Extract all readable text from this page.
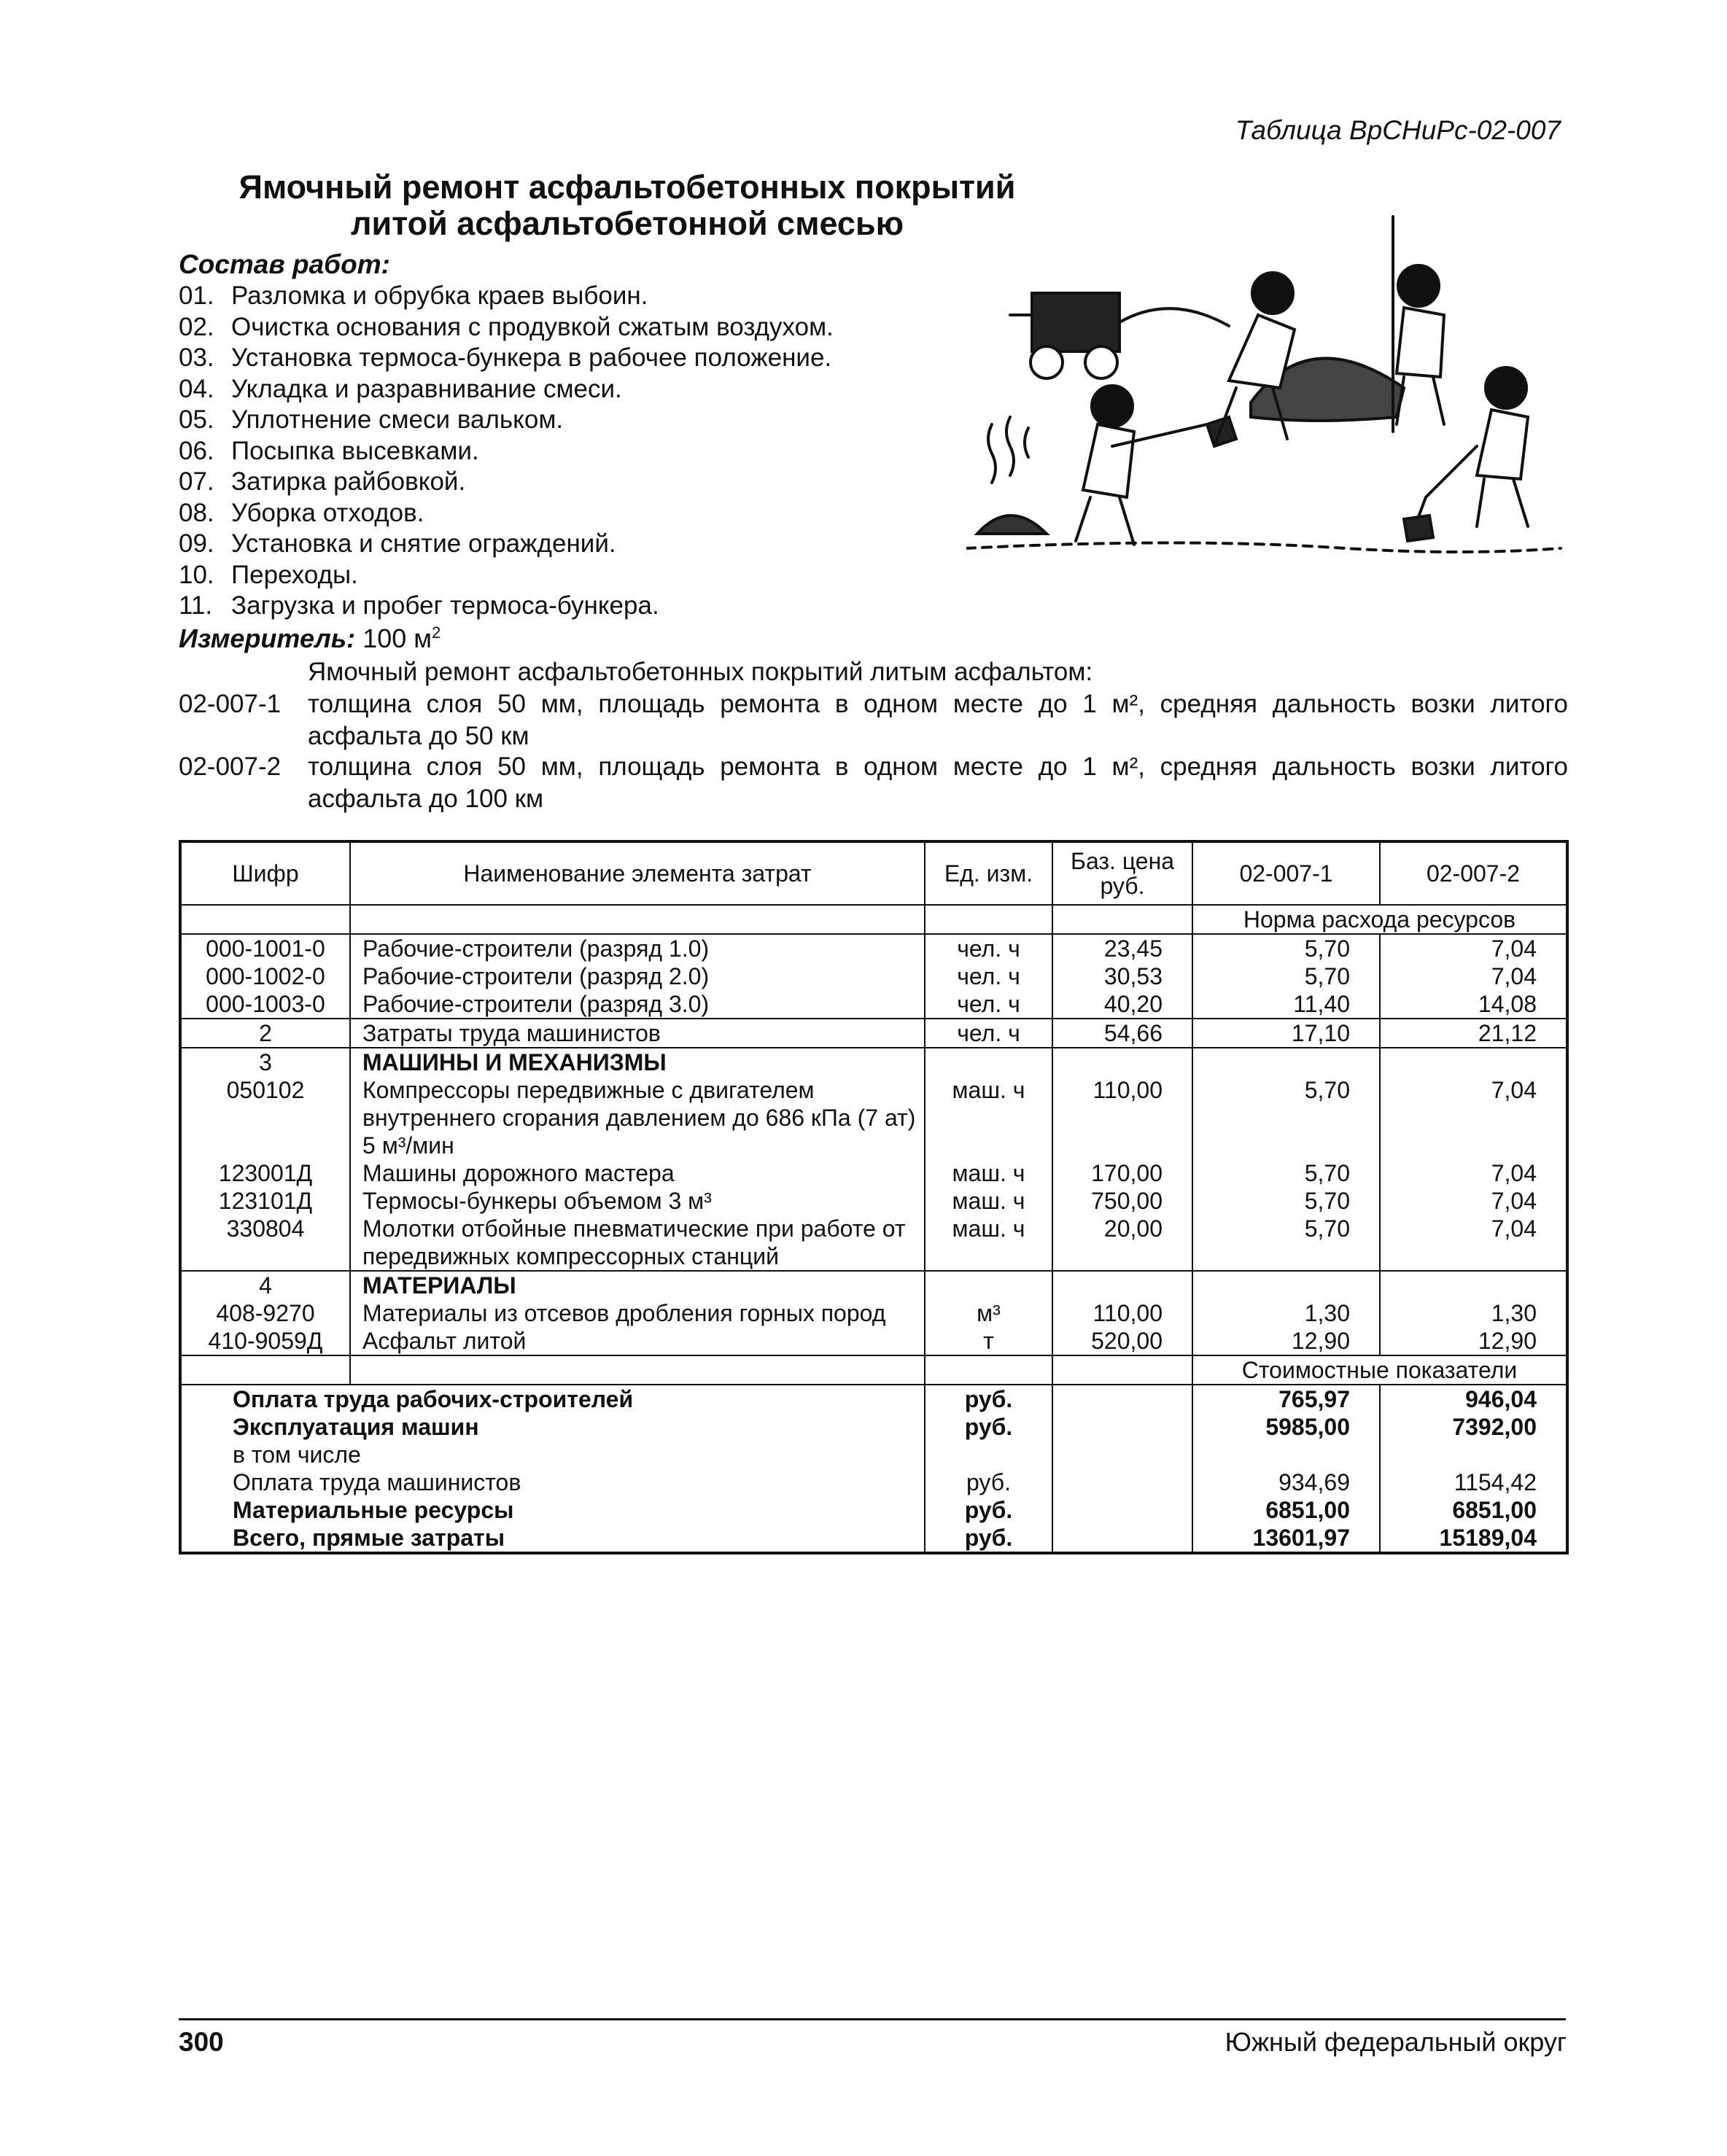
Таблица ВрСНиРс-02-007
Ямочный ремонт асфальтобетонных покрытий
литой асфальтобетонной смесью
Состав работ:
01. Разломка и обрубка краев выбоин.
02. Очистка основания с продувкой сжатым воздухом.
03. Установка термоса-бункера в рабочее положение.
04. Укладка и разравнивание смеси.
05. Уплотнение смеси вальком.
06. Посыпка высевками.
07. Затирка райбовкой.
08. Уборка отходов.
09. Установка и снятие ограждений.
10. Переходы.
11. Загрузка и пробег термоса-бункера.
Измеритель: 100 $м^2$
Ямочный ремонт асфальтобетонных покрытий литым асфальтом:
02-007-1	толщина слоя 50 мм, площадь ремонта в одном месте до 1 м², средняя дальность возки литого асфальта до 50 км
02-007-2	толщина слоя 50 мм, площадь ремонта в одном месте до 1 м², средняя дальность возки литого асфальта до 100 км
Шифр	Наименование элемента затрат	Ед. изм.	Баз. цена руб.	02-007-1	02-007-2
				Норма расхода ресурсов	
000-1001-0	Рабочие-строители (разряд 1.0)	чел. ч	23,45	5,70	7,04
000-1002-0	Рабочие-строители (разряд 2.0)	чел. ч	30,53	5,70	7,04
000-1003-0	Рабочие-строители (разряд 3.0)	чел. ч	40,20	11,40	14,08
2	Затраты труда машинистов	чел. ч	54,66	17,10	21,12
3	МАШИНЫ И МЕХАНИЗМЫ				
050102	Компрессоры передвижные с двигателем внутреннего сгорания давлением до 686 кПа (7 ат) 5 м³/мин	маш. ч	110,00	5,70	7,04
123001Д	Машины дорожного мастера	маш. ч	170,00	5,70	7,04
123101Д	Термосы-бункеры объемом 3 м³	маш. ч	750,00	5,70	7,04
330804	Молотки отбойные пневматические при работе от передвижных компрессорных станций	маш. ч	20,00	5,70	7,04
4	МАТЕРИАЛЫ				
408-9270	Материалы из отсевов дробления горных пород	м³	110,00	1,30	1,30
410-9059Д	Асфальт литой	т	520,00	12,90	12,90
				Стоимостные показатели	
Оплата труда рабочих-строителей		руб.		765,97	946,04
Эксплуатация машин		руб.		5985,00	7392,00
в том числе					
Оплата труда машинистов		руб.		934,69	1154,42
Материальные ресурсы		руб.		6851,00	6851,00
Всего, прямые затраты		руб.		13601,97	15189,04
300	Южный федеральный округ
